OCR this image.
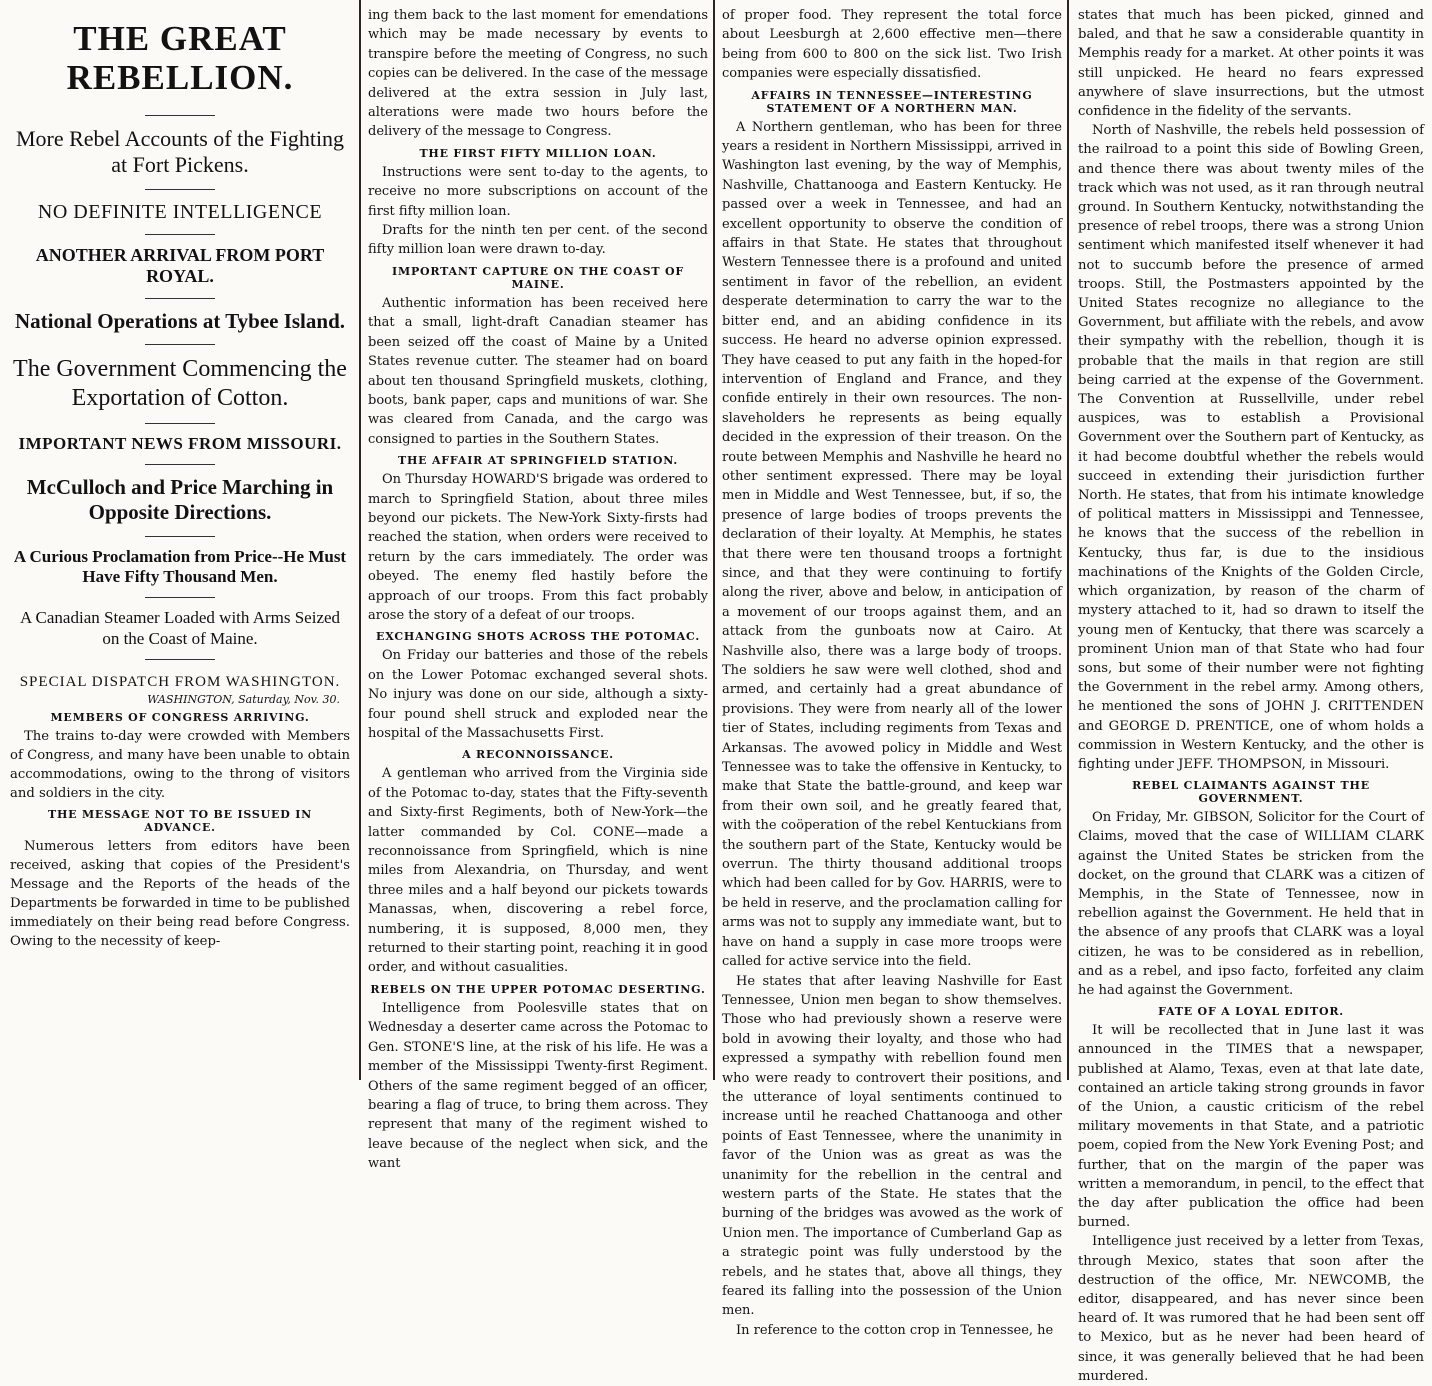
THE GREAT REBELLION.
More Rebel Accounts of the Fighting at Fort Pickens.
NO DEFINITE INTELLIGENCE
ANOTHER ARRIVAL FROM PORT ROYAL.
National Operations at Tybee Island.
The Government Commencing the Exportation of Cotton.
IMPORTANT NEWS FROM MISSOURI.
McCulloch and Price Marching in Opposite Directions.
A Curious Proclamation from Price--He Must Have Fifty Thousand Men.
A Canadian Steamer Loaded with Arms Seized on the Coast of Maine.
SPECIAL DISPATCH FROM WASHINGTON.
WASHINGTON, Saturday, Nov. 30.
MEMBERS OF CONGRESS ARRIVING.

The trains to-day were crowded with Members of Congress, and many have been unable to obtain accommodations, owing to the throng of visitors and soldiers in the city.

THE MESSAGE NOT TO BE ISSUED IN ADVANCE.

Numerous letters from editors have been received, asking that copies of the President's Message and the Reports of the heads of the Departments be forwarded in time to be published immediately on their being read before Congress. Owing to the necessity of keep-

ing them back to the last moment for emendations which may be made necessary by events to transpire before the meeting of Congress, no such copies can be delivered. In the case of the message delivered at the extra session in July last, alterations were made two hours before the delivery of the message to Congress.

THE FIRST FIFTY MILLION LOAN.

Instructions were sent to-day to the agents, to receive no more subscriptions on account of the first fifty million loan.

Drafts for the ninth ten per cent. of the second fifty million loan were drawn to-day.

IMPORTANT CAPTURE ON THE COAST OF MAINE.

Authentic information has been received here that a small, light-draft Canadian steamer has been seized off the coast of Maine by a United States revenue cutter. The steamer had on board about ten thousand Springfield muskets, clothing, boots, bank paper, caps and munitions of war. She was cleared from Canada, and the cargo was consigned to parties in the Southern States.

THE AFFAIR AT SPRINGFIELD STATION.

On Thursday HOWARD'S brigade was ordered to march to Springfield Station, about three miles beyond our pickets. The New-York Sixty-firsts had reached the station, when orders were received to return by the cars immediately. The order was obeyed. The enemy fled hastily before the approach of our troops. From this fact probably arose the story of a defeat of our troops.

EXCHANGING SHOTS ACROSS THE POTOMAC.

On Friday our batteries and those of the rebels on the Lower Potomac exchanged several shots. No injury was done on our side, although a sixty-four pound shell struck and exploded near the hospital of the Massachusetts First.

A RECONNOISSANCE.

A gentleman who arrived from the Virginia side of the Potomac to-day, states that the Fifty-seventh and Sixty-first Regiments, both of New-York—the latter commanded by Col. CONE—made a reconnoissance from Springfield, which is nine miles from Alexandria, on Thursday, and went three miles and a half beyond our pickets towards Manassas, when, discovering a rebel force, numbering, it is supposed, 8,000 men, they returned to their starting point, reaching it in good order, and without casualities.

REBELS ON THE UPPER POTOMAC DESERTING.

Intelligence from Poolesville states that on Wednesday a deserter came across the Potomac to Gen. STONE'S line, at the risk of his life. He was a member of the Mississippi Twenty-first Regiment. Others of the same regiment begged of an officer, bearing a flag of truce, to bring them across. They represent that many of the regiment wished to leave because of the neglect when sick, and the want

of proper food. They represent the total force about Leesburgh at 2,600 effective men—there being from 600 to 800 on the sick list. Two Irish companies were especially dissatisfied.

AFFAIRS IN TENNESSEE—INTERESTING STATEMENT OF A NORTHERN MAN.

A Northern gentleman, who has been for three years a resident in Northern Mississippi, arrived in Washington last evening, by the way of Memphis, Nashville, Chattanooga and Eastern Kentucky. He passed over a week in Tennessee, and had an excellent opportunity to observe the condition of affairs in that State. He states that throughout Western Tennessee there is a profound and united sentiment in favor of the rebellion, an evident desperate determination to carry the war to the bitter end, and an abiding confidence in its success. He heard no adverse opinion expressed. They have ceased to put any faith in the hoped-for intervention of England and France, and they confide entirely in their own resources. The non-slaveholders he represents as being equally decided in the expression of their treason. On the route between Memphis and Nashville he heard no other sentiment expressed. There may be loyal men in Middle and West Tennessee, but, if so, the presence of large bodies of troops prevents the declaration of their loyalty. At Memphis, he states that there were ten thousand troops a fortnight since, and that they were continuing to fortify along the river, above and below, in anticipation of a movement of our troops against them, and an attack from the gunboats now at Cairo. At Nashville also, there was a large body of troops. The soldiers he saw were well clothed, shod and armed, and certainly had a great abundance of provisions. They were from nearly all of the lower tier of States, including regiments from Texas and Arkansas. The avowed policy in Middle and West Tennessee was to take the offensive in Kentucky, to make that State the battle-ground, and keep war from their own soil, and he greatly feared that, with the coöperation of the rebel Kentuckians from the southern part of the State, Kentucky would be overrun. The thirty thousand additional troops which had been called for by Gov. HARRIS, were to be held in reserve, and the proclamation calling for arms was not to supply any immediate want, but to have on hand a supply in case more troops were called for active service into the field.

He states that after leaving Nashville for East Tennessee, Union men began to show themselves. Those who had previously shown a reserve were bold in avowing their loyalty, and those who had expressed a sympathy with rebellion found men who were ready to controvert their positions, and the utterance of loyal sentiments continued to increase until he reached Chattanooga and other points of East Tennessee, where the unanimity in favor of the Union was as great as was the unanimity for the rebellion in the central and western parts of the State. He states that the burning of the bridges was avowed as the work of Union men. The importance of Cumberland Gap as a strategic point was fully understood by the rebels, and he states that, above all things, they feared its falling into the possession of the Union men.

In reference to the cotton crop in Tennessee, he

states that much has been picked, ginned and baled, and that he saw a considerable quantity in Memphis ready for a market. At other points it was still unpicked. He heard no fears expressed anywhere of slave insurrections, but the utmost confidence in the fidelity of the servants.

North of Nashville, the rebels held possession of the railroad to a point this side of Bowling Green, and thence there was about twenty miles of the track which was not used, as it ran through neutral ground. In Southern Kentucky, notwithstanding the presence of rebel troops, there was a strong Union sentiment which manifested itself whenever it had not to succumb before the presence of armed troops. Still, the Postmasters appointed by the United States recognize no allegiance to the Government, but affiliate with the rebels, and avow their sympathy with the rebellion, though it is probable that the mails in that region are still being carried at the expense of the Government. The Convention at Russellville, under rebel auspices, was to establish a Provisional Government over the Southern part of Kentucky, as it had become doubtful whether the rebels would succeed in extending their jurisdiction further North. He states, that from his intimate knowledge of political matters in Mississippi and Tennessee, he knows that the success of the rebellion in Kentucky, thus far, is due to the insidious machinations of the Knights of the Golden Circle, which organization, by reason of the charm of mystery attached to it, had so drawn to itself the young men of Kentucky, that there was scarcely a prominent Union man of that State who had four sons, but some of their number were not fighting the Government in the rebel army. Among others, he mentioned the sons of JOHN J. CRITTENDEN and GEORGE D. PRENTICE, one of whom holds a commission in Western Kentucky, and the other is fighting under JEFF. THOMPSON, in Missouri.

REBEL CLAIMANTS AGAINST THE GOVERNMENT.

On Friday, Mr. GIBSON, Solicitor for the Court of Claims, moved that the case of WILLIAM CLARK against the United States be stricken from the docket, on the ground that CLARK was a citizen of Memphis, in the State of Tennessee, now in rebellion against the Government. He held that in the absence of any proofs that CLARK was a loyal citizen, he was to be considered as in rebellion, and as a rebel, and ipso facto, forfeited any claim he had against the Government.

FATE OF A LOYAL EDITOR.

It will be recollected that in June last it was announced in the TIMES that a newspaper, published at Alamo, Texas, even at that late date, contained an article taking strong grounds in favor of the Union, a caustic criticism of the rebel military movements in that State, and a patriotic poem, copied from the New York Evening Post; and further, that on the margin of the paper was written a memorandum, in pencil, to the effect that the day after publication the office had been burned.

Intelligence just received by a letter from Texas, through Mexico, states that soon after the destruction of the office, Mr. NEWCOMB, the editor, disappeared, and has never since been heard of. It was rumored that he had been sent off to Mexico, but as he never had been heard of since, it was generally believed that he had been murdered.
